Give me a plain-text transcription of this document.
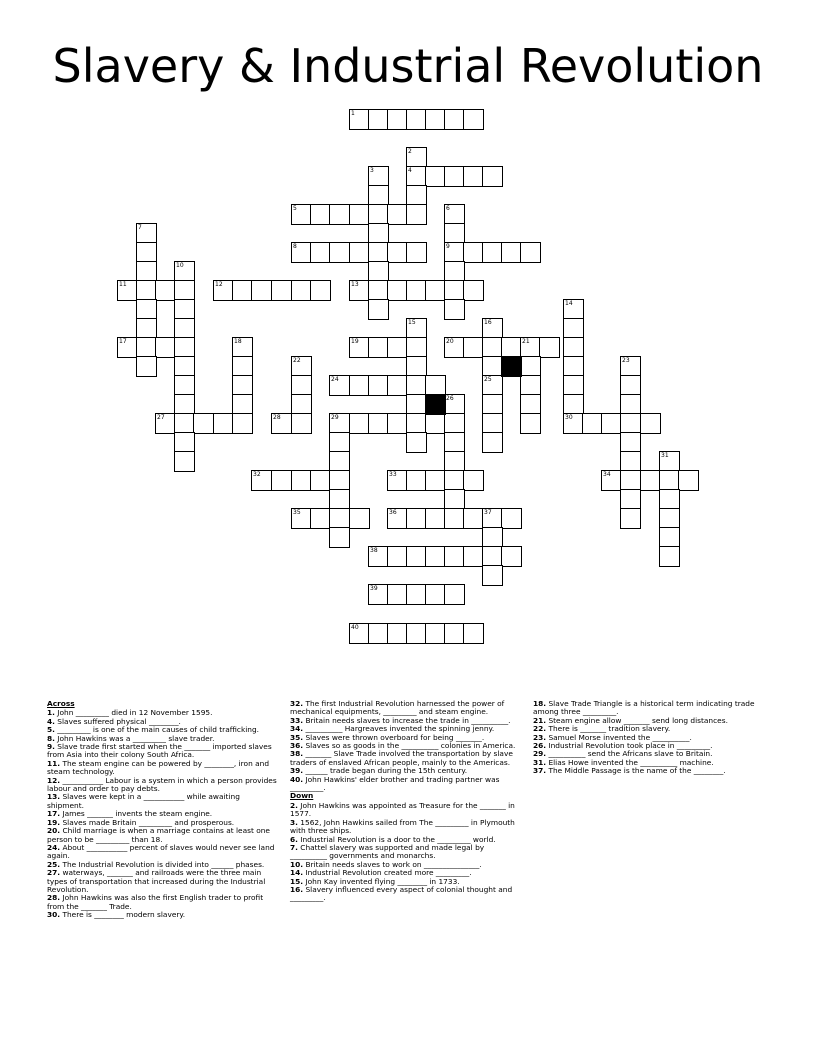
Slavery & Industrial Revolution
1
2
3	4
5	6
7
8	9
10
11	12	13
14
15	16
17	18	19	20	21
22	23
24	25
26
27	28	29	30
31
32	33	34
35	36	37
38
39
40
Across
1. John _________ died in 12 November 1595.
4. Slaves suffered physical ________.
5. _________ is one of the main causes of child trafficking.
8. John Hawkins was a _________ slave trader.
9. Slave trade first started when the _______ imported slaves from Asia into their colony South Africa.
11. The steam engine can be powered by ________, iron and steam technology.
12. ___________ Labour is a system in which a person provides labour and order to pay debts.
13. Slaves were kept in a ___________ while awaiting shipment.
17. James _______ invents the steam engine.
19. Slaves made Britain _________ and prosperous.
20. Child marriage is when a marriage contains at least one person to be _________ than 18.
24. About ___________ percent of slaves would never see land again.
25. The Industrial Revolution is divided into ______ phases.
27. waterways, _______ and railroads were the three main types of transportation that increased during the Industrial Revolution.
28. John Hawkins was also the first English trader to profit from the _______ Trade.
30. There is ________ modern slavery.
32. The first Industrial Revolution harnessed the power of mechanical equipments, _________ and steam engine.
33. Britain needs slaves to increase the trade in __________.
34. __________ Hargreaves invented the spinning jenny.
35. Slaves were thrown overboard for being _______.
36. Slaves so as goods in the __________ colonies in America.
38. _______ Slave Trade involved the transportation by slave traders of enslaved African people, mainly to the Americas.
39. ______ trade began during the 15th century.
40. John Hawkins' elder brother and trading partner was _________.
Down
2. John Hawkins was appointed as Treasure for the _______ in 1577.
3. 1562, John Hawkins sailed from The _________ in Plymouth with three ships.
6. Industrial Revolution is a door to the _________ world.
7. Chattel slavery was supported and made legal by __________ governments and monarchs.
10. Britain needs slaves to work on _______________.
14. Industrial Revolution created more _________.
15. John Kay invented flying ________ in 1733.
16. Slavery influenced every aspect of colonial thought and _________.
18. Slave Trade Triangle is a historical term indicating trade among three _________.
21. Steam engine allow _______ send long distances.
22. There is _______ tradition slavery.
23. Samuel Morse invented the __________.
26. Industrial Revolution took place in _________.
29. __________ send the Africans slave to Britain.
31. Elias Howe invented the __________ machine.
37. The Middle Passage is the name of the ________.
